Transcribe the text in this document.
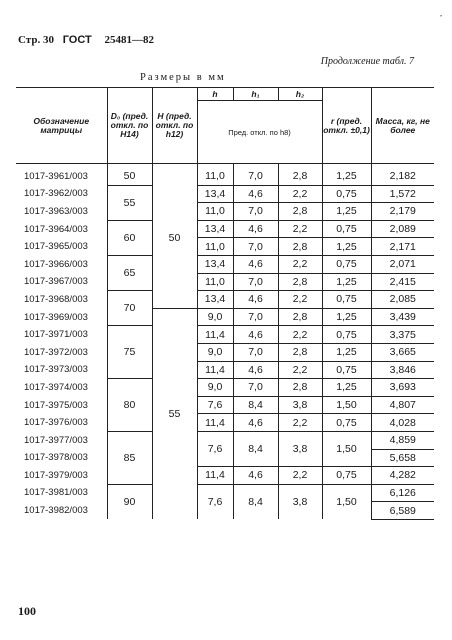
Стр. 30 ГОСТ 25481—82
Продолжение табл. 7
Размеры в мм
•
Обозначение матрицы	D₀ (пред. откл. по H14)	H (пред. откл. по h12)	h	h₁	h₂	r (пред. откл. ±0,1)	Масса, кг, не более
			Пред. откл. по h8)				

1017-3961/003	50	50	11,0	7,0	2,8	1,25	2,182
1017-3962/003	55		13,4	4,6	2,2	0,75	1,572
1017-3963/003			11,0	7,0	2,8	1,25	2,179
1017-3964/003	60		13,4	4,6	2,2	0,75	2,089
1017-3965/003			11,0	7,0	2,8	1,25	2,171
1017-3966/003	65		13,4	4,6	2,2	0,75	2,071
1017-3967/003			11,0	7,0	2,8	1,25	2,415
1017-3968/003	70		13,4	4,6	2,2	0,75	2,085
1017-3969/003		55	9,0	7,0	2,8	1,25	3,439
1017-3971/003	75		11,4	4,6	2,2	0,75	3,375
1017-3972/003			9,0	7,0	2,8	1,25	3,665
1017-3973/003			11,4	4,6	2,2	0,75	3,846
1017-3974/003	80		9,0	7,0	2,8	1,25	3,693
1017-3975/003			7,6	8,4	3,8	1,50	4,807
1017-3976/003			11,4	4,6	2,2	0,75	4,028
1017-3977/003	85		7,6	8,4	3,8	1,50	4,859
1017-3978/003							5,658
1017-3979/003			11,4	4,6	2,2	0,75	4,282
1017-3981/003	90		7,6	8,4	3,8	1,50	6,126
1017-3982/003							6,589
100
